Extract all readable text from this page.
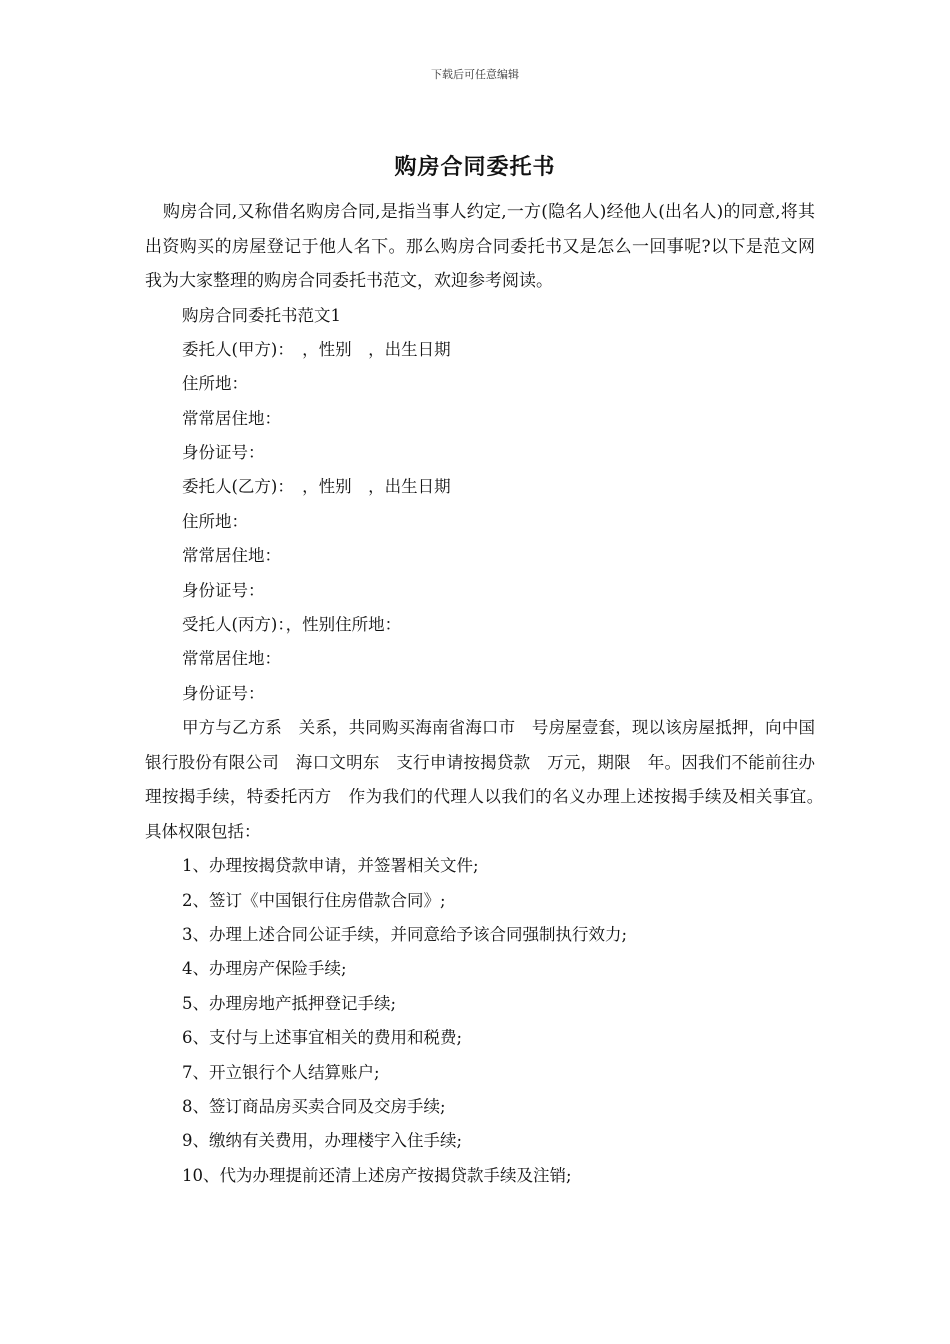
下载后可任意编辑
购房合同委托书

购房合同,又称借名购房合同,是指当事人约定,一方(隐名人)经他人(出名人)的同意,将其出资购买的房屋登记于他人名下。那么购房合同委托书又是怎么一回事呢?以下是范文网我为大家整理的购房合同委托书范文，欢迎参考阅读。

购房合同委托书范文1
委托人(甲方)：　，性别　，出生日期
住所地：
常常居住地：
身份证号：
委托人(乙方)：　，性别　，出生日期
住所地：
常常居住地：
身份证号：
受托人(丙方)：，性别住所地：
常常居住地：
身份证号：

甲方与乙方系　关系，共同购买海南省海口市　号房屋壹套，现以该房屋抵押，向中国银行股份有限公司　海口文明东　支行申请按揭贷款　万元，期限　年。因我们不能前往办理按揭手续，特委托丙方　作为我们的代理人以我们的名义办理上述按揭手续及相关事宜。　具体权限包括：

1、办理按揭贷款申请，并签署相关文件;
2、签订《中国银行住房借款合同》;
3、办理上述合同公证手续，并同意给予该合同强制执行效力;
4、办理房产保险手续;
5、办理房地产抵押登记手续;
6、支付与上述事宜相关的费用和税费;
7、开立银行个人结算账户;
8、签订商品房买卖合同及交房手续;
9、缴纳有关费用，办理楼宇入住手续;
10、代为办理提前还清上述房产按揭贷款手续及注销;
